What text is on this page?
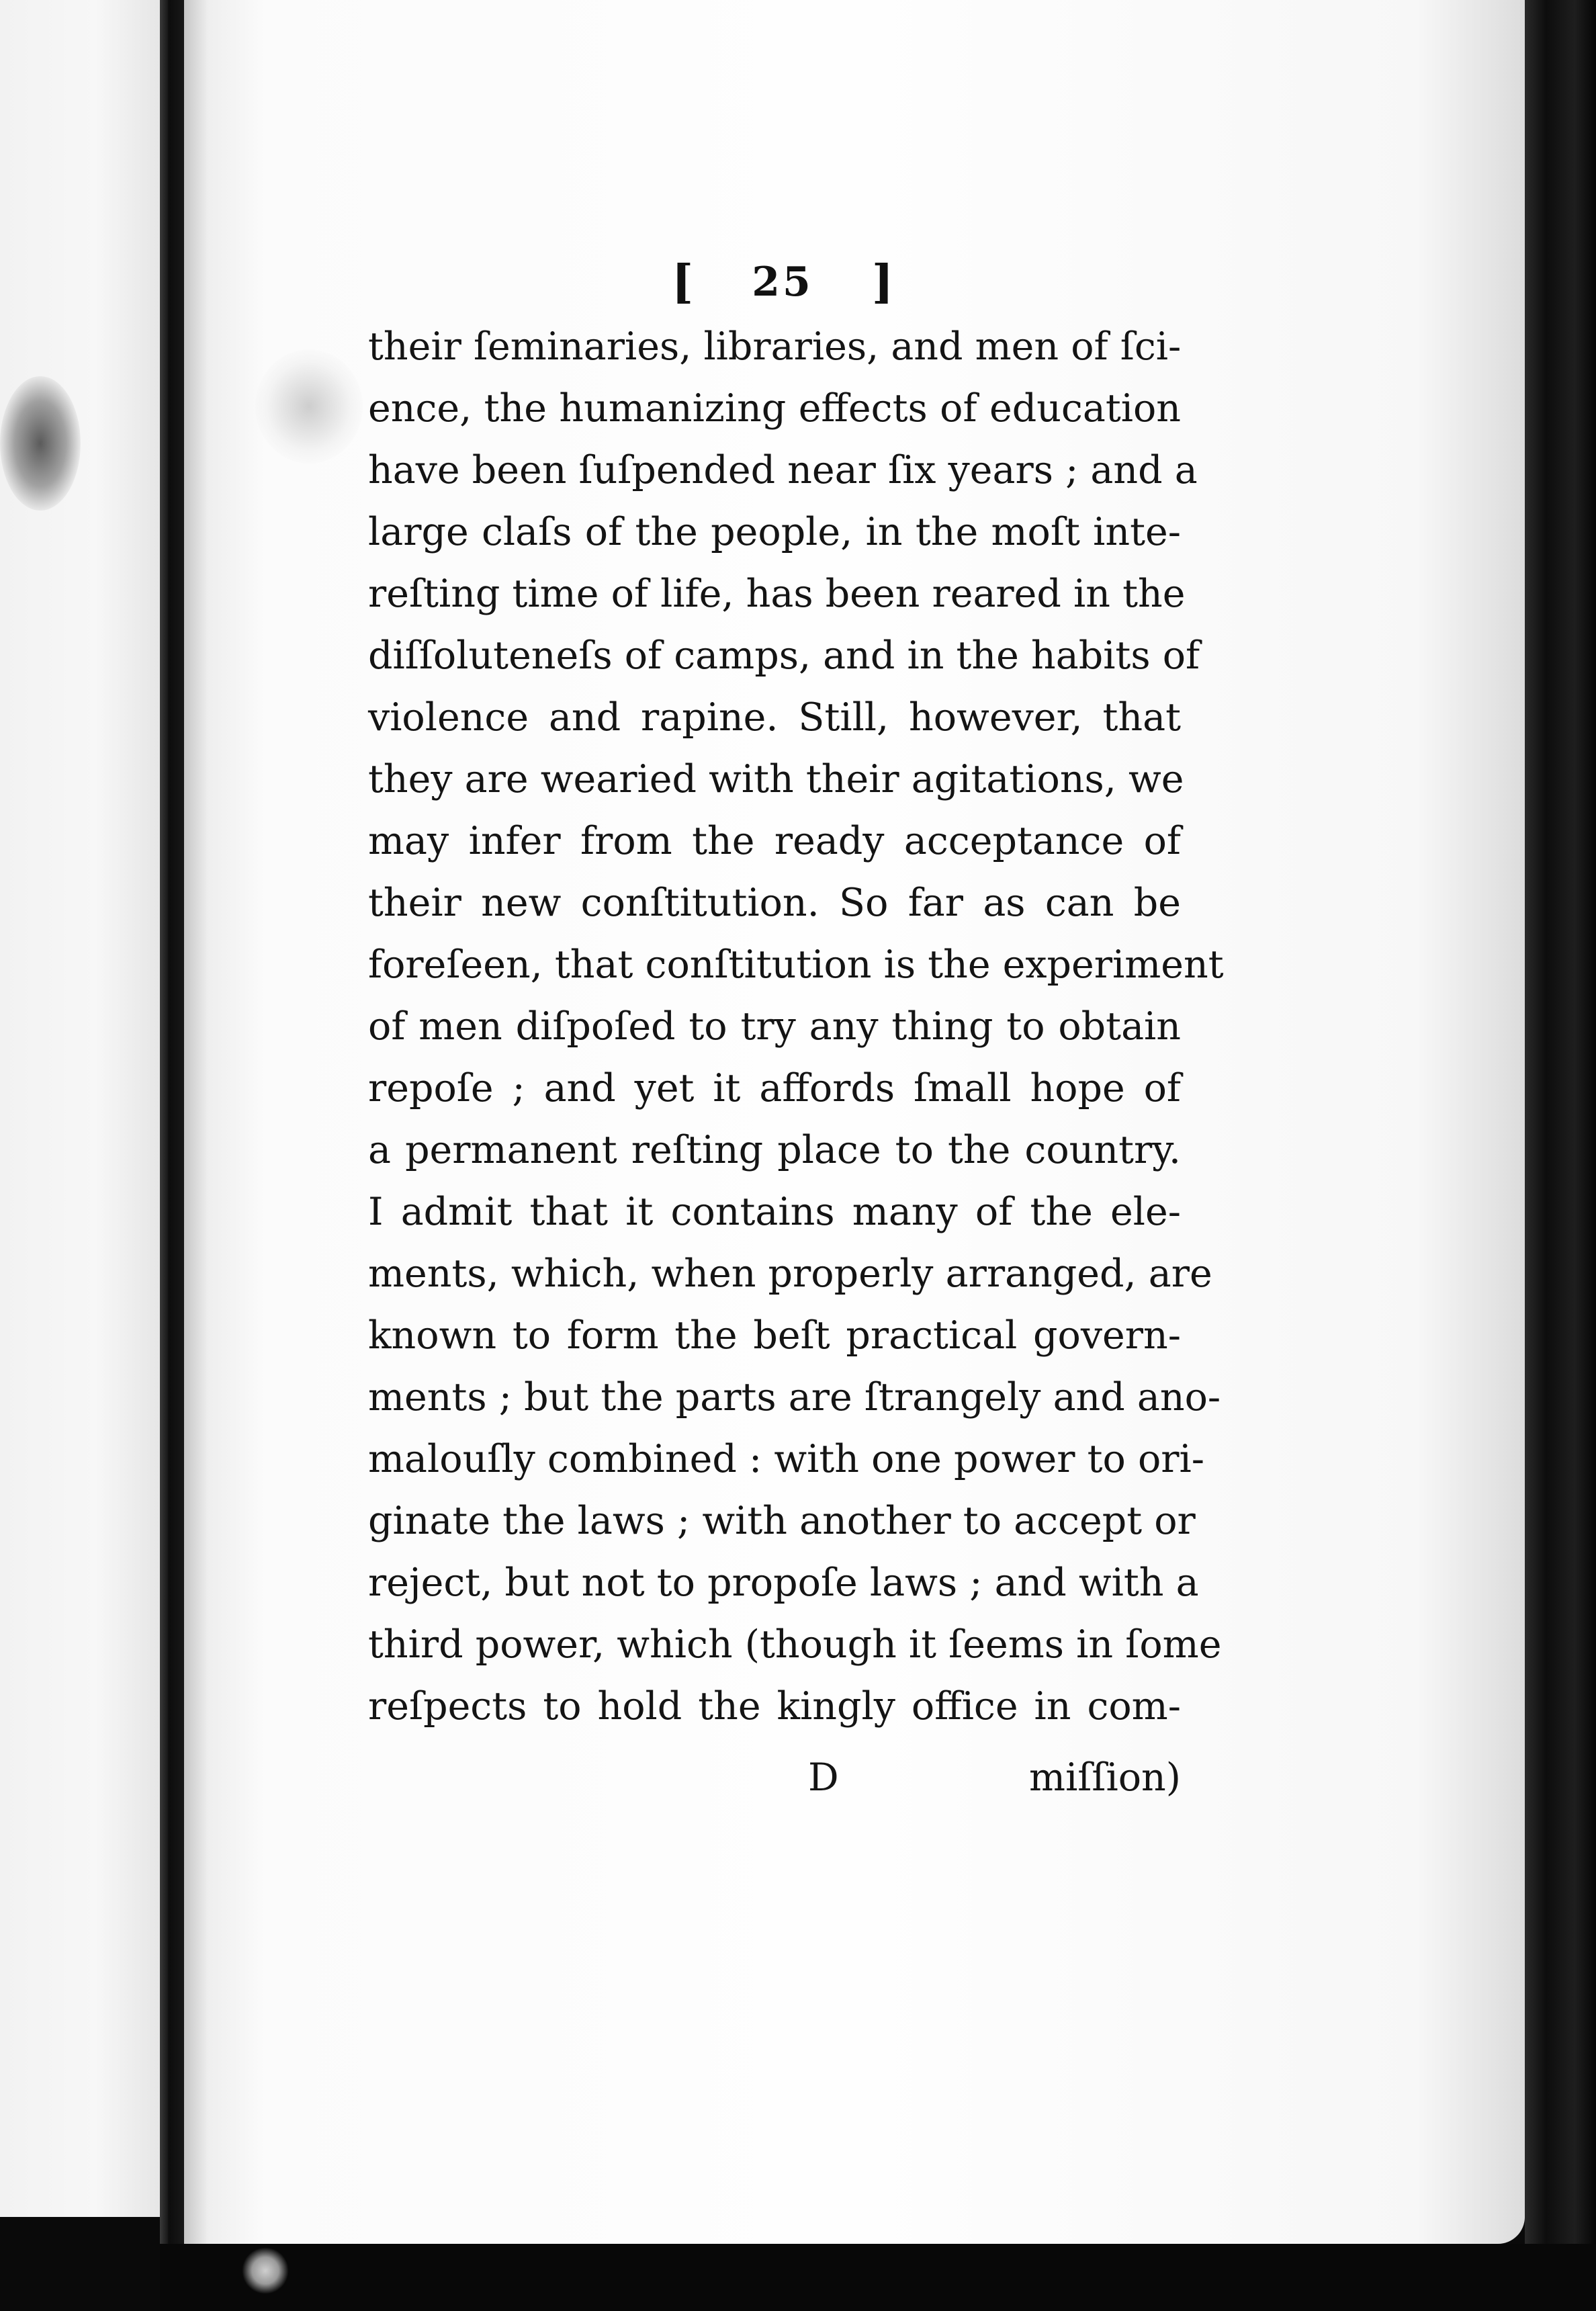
[ 25 ]
their ſeminaries, libraries, and men of ſci-
ence, the humanizing effects of education
have been ſuſpended near ſix years ; and a
large claſs of the people, in the moſt inte-
reſting time of life, has been reared in the
diſſoluteneſs of camps, and in the habits of
violence and rapine. Still, however, that
they are wearied with their agitations, we
may infer from the ready acceptance of
their new conſtitution. So far as can be
foreſeen, that conſtitution is the experiment
of men diſpoſed to try any thing to obtain
repoſe ; and yet it affords ſmall hope of
a permanent reſting place to the country.
I admit that it contains many of the ele-
ments, which, when properly arranged, are
known to form the beſt practical govern-
ments ; but the parts are ſtrangely and ano-
malouſly combined : with one power to ori-
ginate the laws ; with another to accept or
reject, but not to propoſe laws ; and with a
third power, which (though it ſeems in ſome
reſpects to hold the kingly office in com-
D	miſſion)
